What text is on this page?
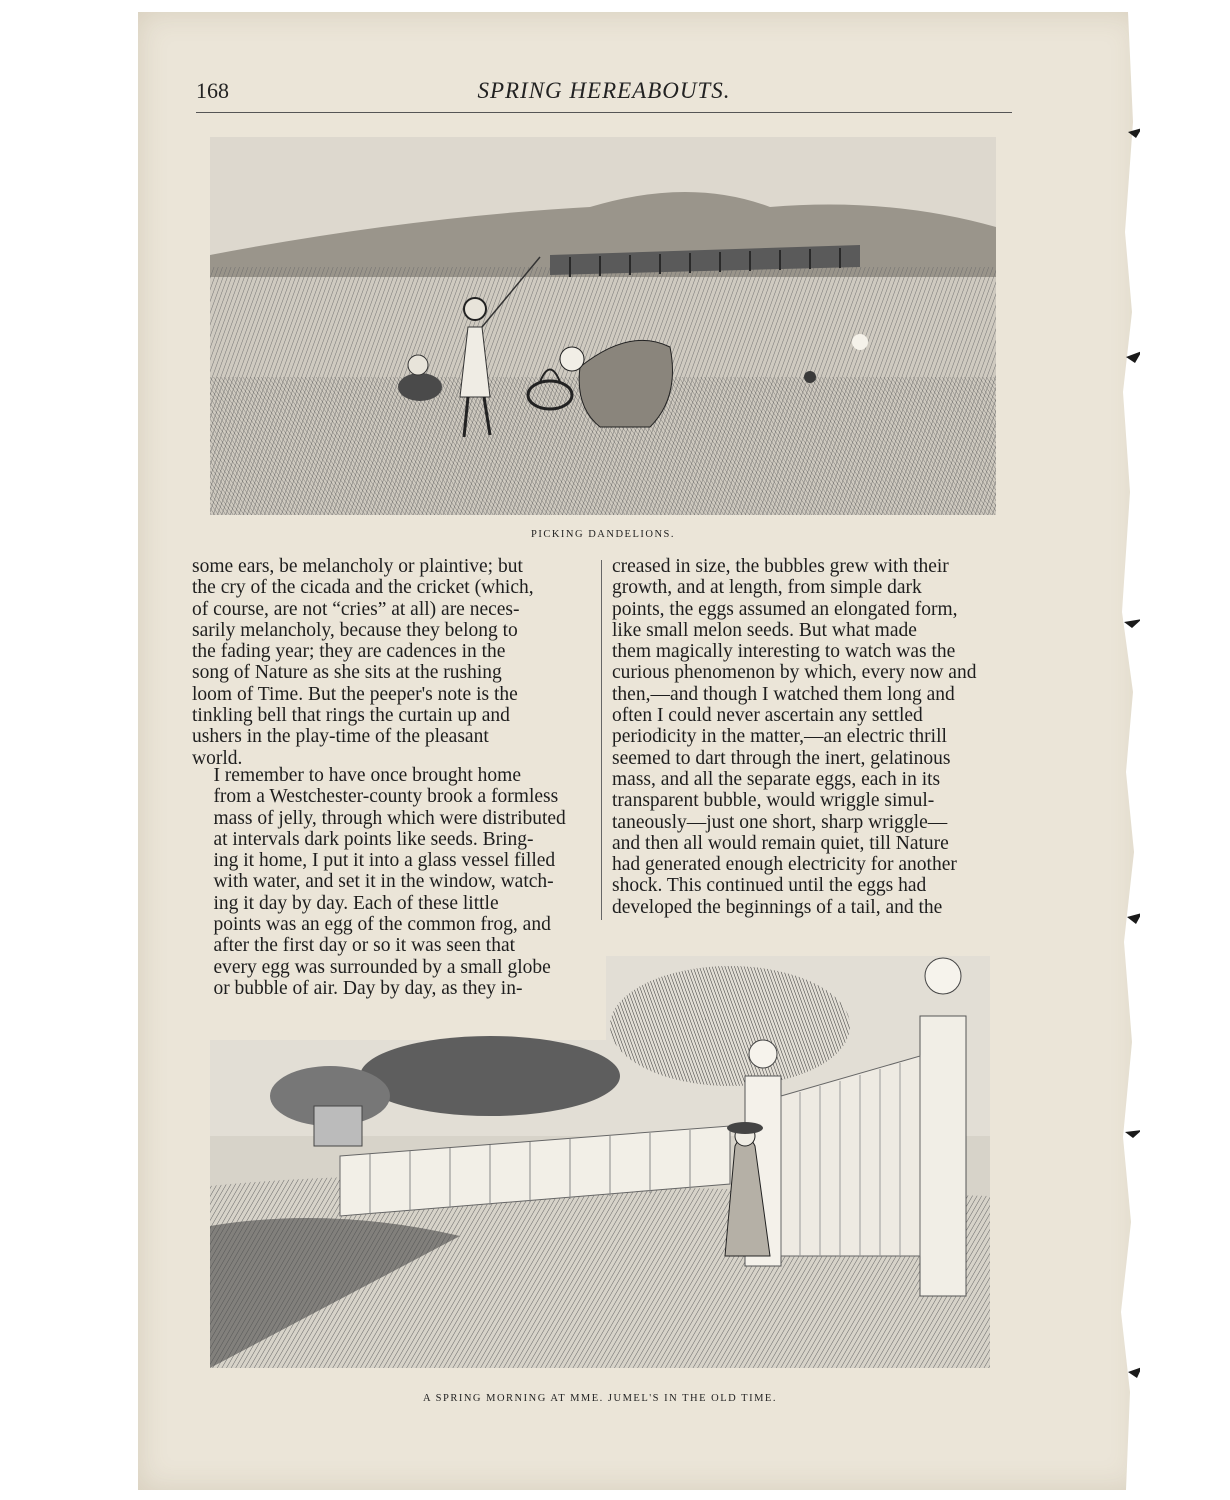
168	SPRING HEREABOUTS.
PICKING DANDELIONS.

some ears, be melancholy or plaintive; but
the cry of the cicada and the cricket (which,
of course, are not “cries” at all) are neces-
sarily melancholy, because they belong to
the fading year; they are cadences in the
song of Nature as she sits at the rushing
loom of Time. But the peeper's note is the
tinkling bell that rings the curtain up and
ushers in the play-time of the pleasant
world.

I remember to have once brought home
from a Westchester-county brook a formless
mass of jelly, through which were distributed
at intervals dark points like seeds. Bring-
ing it home, I put it into a glass vessel filled
with water, and set it in the window, watch-
ing it day by day. Each of these little
points was an egg of the common frog, and
after the first day or so it was seen that
every egg was surrounded by a small globe
or bubble of air. Day by day, as they in-

creased in size, the bubbles grew with their
growth, and at length, from simple dark
points, the eggs assumed an elongated form,
like small melon seeds. But what made
them magically interesting to watch was the
curious phenomenon by which, every now and
then,—and though I watched them long and
often I could never ascertain any settled
periodicity in the matter,—an electric thrill
seemed to dart through the inert, gelatinous
mass, and all the separate eggs, each in its
transparent bubble, would wriggle simul-
taneously—just one short, sharp wriggle—
and then all would remain quiet, till Nature
had generated enough electricity for another
shock. This continued until the eggs had
developed the beginnings of a tail, and the

A SPRING MORNING AT MME. JUMEL'S IN THE OLD TIME.
